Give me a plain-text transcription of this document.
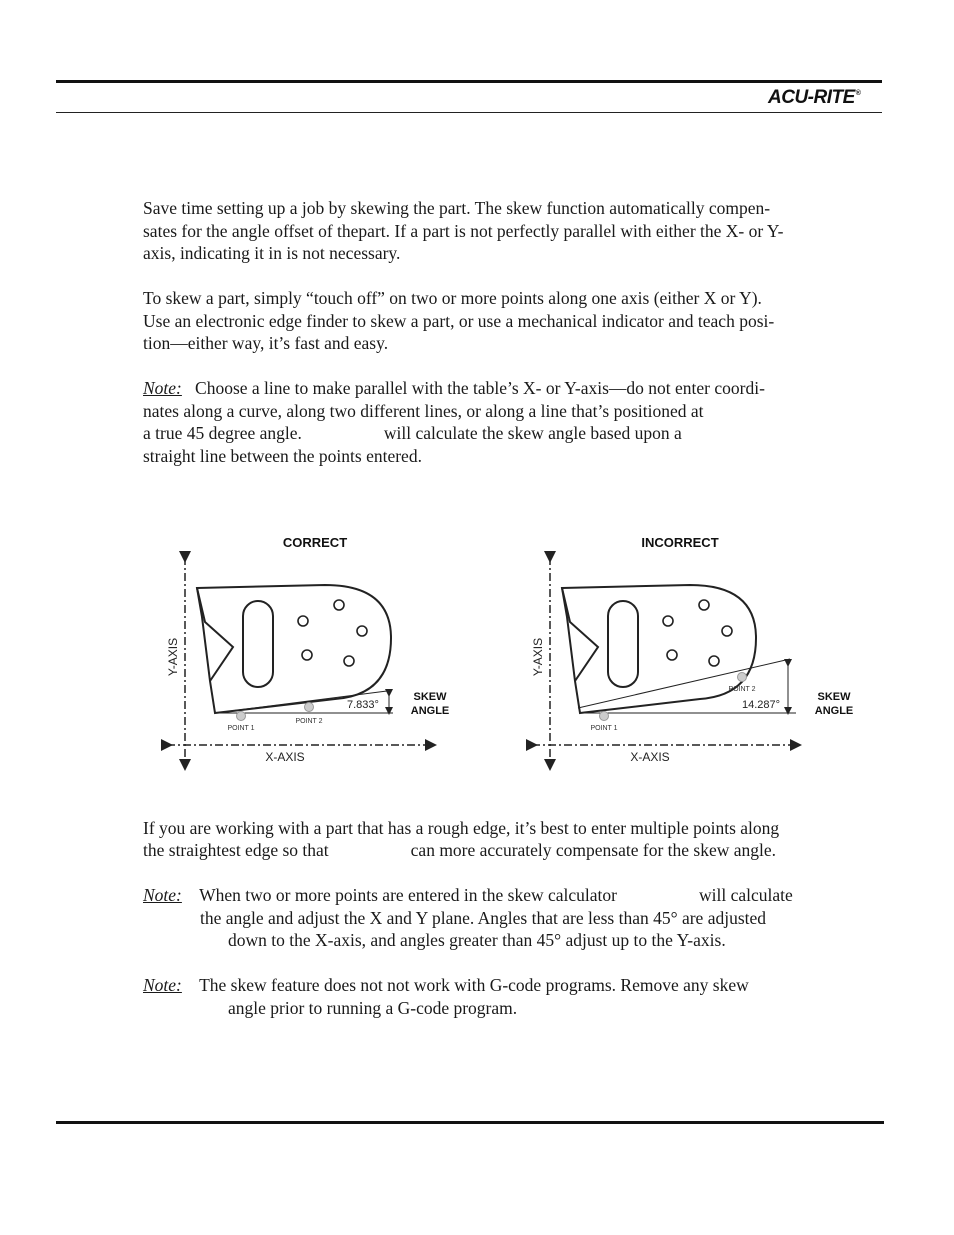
ACU-RITE®

Save time setting up a job by skewing the part. The skew function automatically compen-
sates for the angle offset of thepart. If a part is not perfectly parallel with either the X- or Y-
axis, indicating it in is not necessary.

To skew a part, simply “touch off” on two or more points along one axis (either X or Y).
Use an electronic edge finder to skew a part, or use a mechanical indicator and teach posi-
tion—either way, it’s fast and easy.

Note: Choose a line to make parallel with the table’s X- or Y-axis—do not enter coordi-
nates along a curve, along two different lines, or along a line that’s positioned at
a true 45 degree angle.	will calculate the skew angle based upon a
straight line between the points entered.

If you are working with a part that has a rough edge, it’s best to enter multiple points along
the straightest edge so that	can more accurately compensate for the skew angle.

Note: When two or more points are entered in the skew calculator	will calculate
the angle and adjust the X and Y plane. Angles that are less than 45° are adjusted

down to the X-axis, and angles greater than 45° adjust up to the Y-axis.

Note: The skew feature does not not work with G-code programs. Remove any skew

angle prior to running a G-code program.

CORRECT
Y-AXIS
X-AXIS
7.833°
SKEW
ANGLE
POINT 1
POINT 2
INCORRECT
Y-AXIS
X-AXIS
14.287°
SKEW
ANGLE
POINT 1
POINT 2
